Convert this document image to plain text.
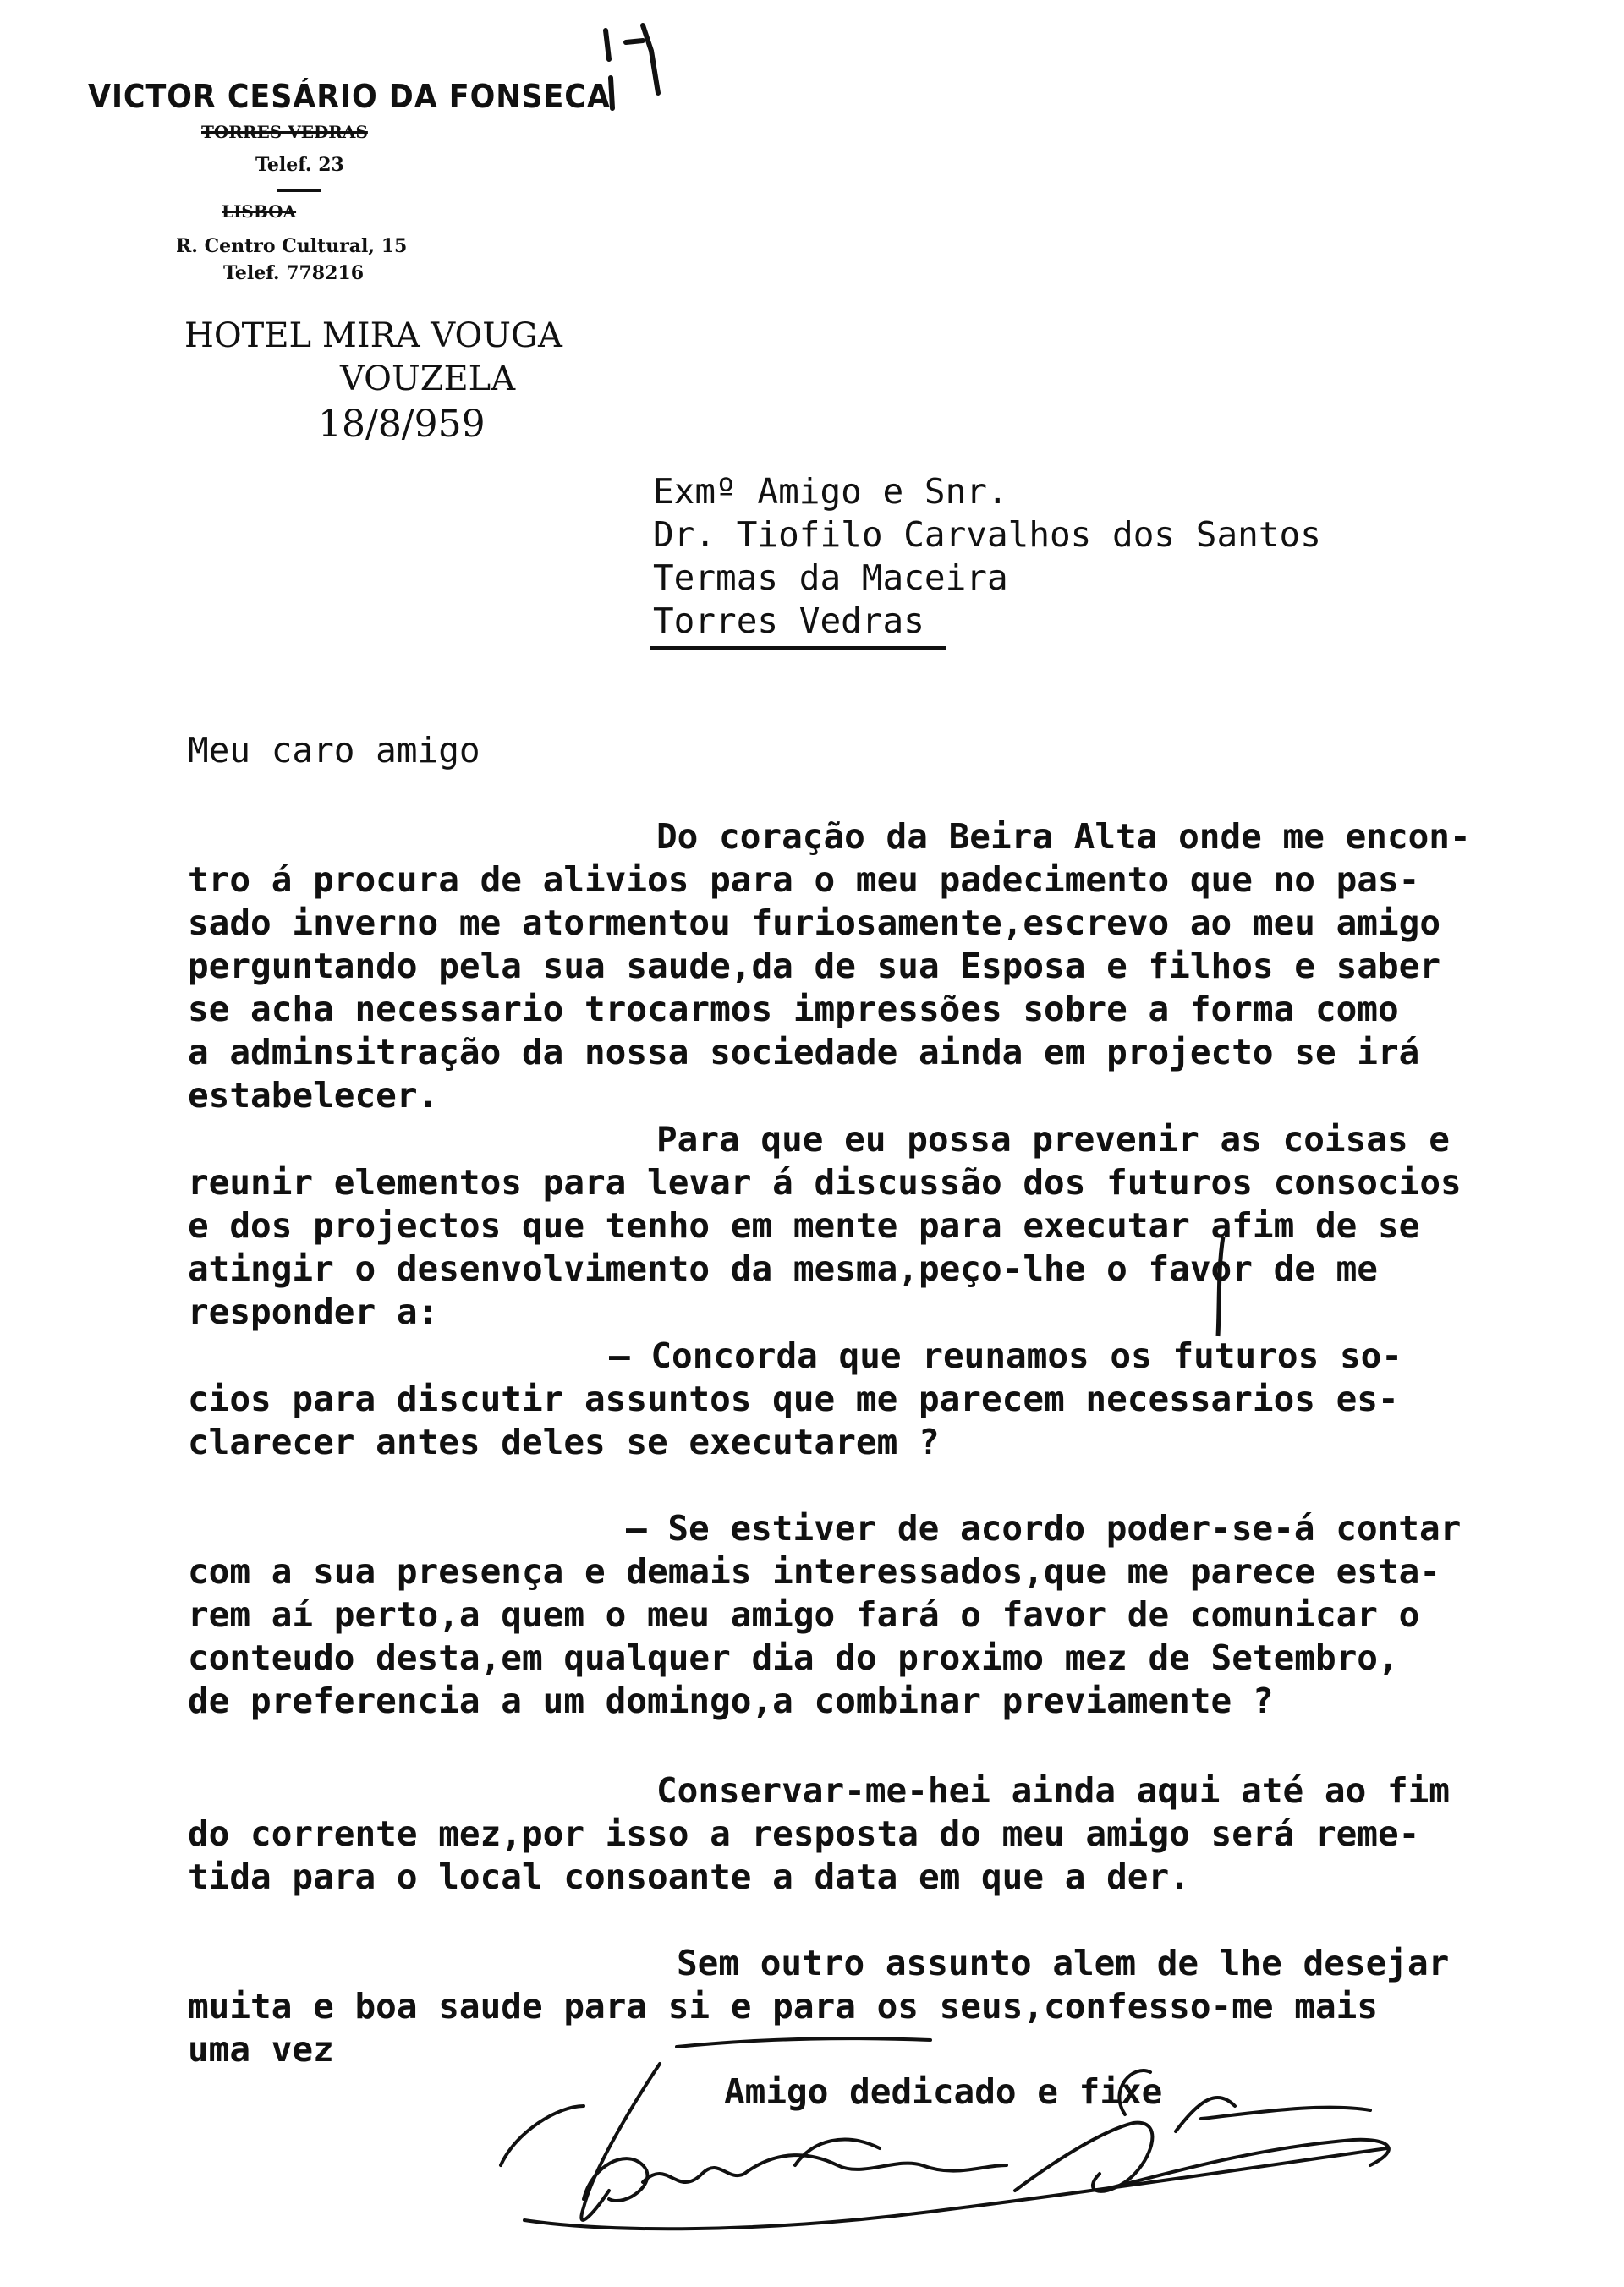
VICTOR CESÁRIO DA FONSECA
TORRES VEDRAS
Telef. 23
LISBOA
R. Centro Cultural, 15
Telef. 778216
HOTEL MIRA VOUGA
VOUZELA
18/8/959
Exmº Amigo e Snr.
Dr. Tiofilo Carvalhos dos Santos
Termas da Maceira
Torres Vedras
Meu caro amigo
Do coração da Beira Alta onde me encon-
tro á procura de alivios para o meu padecimento que no pas-
sado inverno me atormentou furiosamente,escrevo ao meu amigo
perguntando pela sua saude,da de sua Esposa e filhos e saber
se acha necessario trocarmos impressões sobre a forma como
a adminsitração da nossa sociedade ainda em projecto se irá
estabelecer.
Para que eu possa prevenir as coisas e
reunir elementos para levar á discussão dos futuros consocios
e dos projectos que tenho em mente para executar afim de se
atingir o desenvolvimento da mesma,peço-lhe o favor de me
responder a:
— Concorda que reunamos os futuros so-
cios para discutir assuntos que me parecem necessarios es-
clarecer antes deles se executarem ?
— Se estiver de acordo poder-se-á contar
com a sua presença e demais interessados,que me parece esta-
rem aí perto,a quem o meu amigo fará o favor de comunicar o
conteudo desta,em qualquer dia do proximo mez de Setembro,
de preferencia a um domingo,a combinar previamente ?
Conservar-me-hei ainda aqui até ao fim
do corrente mez,por isso a resposta do meu amigo será reme-
tida para o local consoante a data em que a der.
Sem outro assunto alem de lhe desejar
muita e boa saude para si e para os seus,confesso-me mais
uma vez
Amigo dedicado e fixe
